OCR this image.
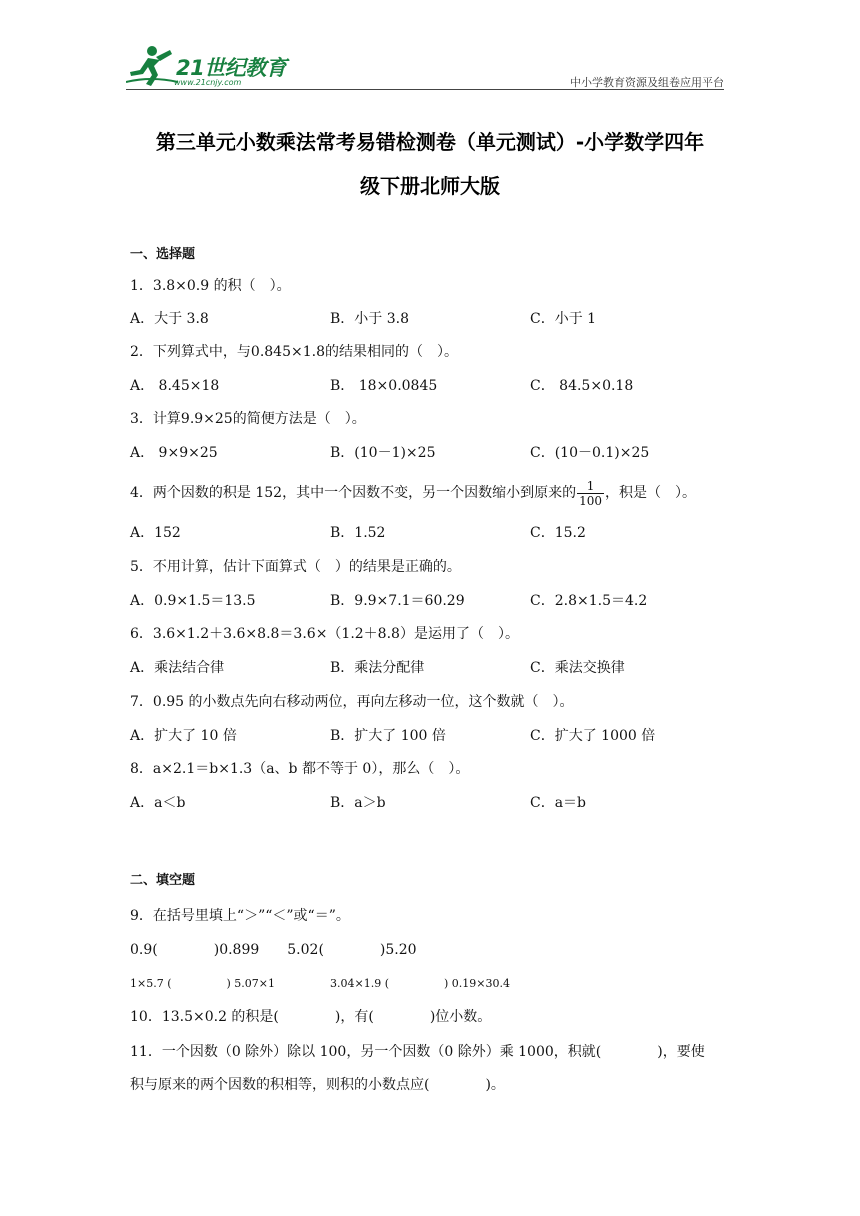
21世纪教育
www.21cnjy.com	中小学教育资源及组卷应用平台
第三单元小数乘法常考易错检测卷（单元测试）-小学数学四年
级下册北师大版
一、选择题
1．3.8×0.9 的积（　）。
A．大于 3.8	B．小于 3.8	C．小于 1
2．下列算式中，与0.845×1.8的结果相同的（　）。
A． 8.45×18	B． 18×0.0845	C． 84.5×0.18
3．计算9.9×25的简便方法是（　）。
A． 9×9×25	B．(10－1)×25	C．(10－0.1)×25
4．两个因数的积是 152，其中一个因数不变，另一个因数缩小到原来的 $\frac{1}{100}$ ，积是（　）。
A．152	B．1.52	C．15.2
5．不用计算，估计下面算式（　）的结果是正确的。
A．0.9×1.5＝13.5	B．9.9×7.1＝60.29	C．2.8×1.5＝4.2
6．3.6×1.2＋3.6×8.8＝3.6×（1.2＋8.8）是运用了（　）。
A．乘法结合律	B．乘法分配律	C．乘法交换律
7．0.95 的小数点先向右移动两位，再向左移动一位，这个数就（　）。
A．扩大了 10 倍	B．扩大了 100 倍	C．扩大了 1000 倍
8．a×2.1＝b×1.3（a、b 都不等于 0），那么（　）。
A．a＜b	B．a＞b	C．a＝b
二、填空题
9．在括号里填上“＞”“＜”或“＝”。
0.9(　　　　)0.899　　5.02(　　　　)5.20
1×5.7 (　　　　　) 5.07×1　　　　　3.04×1.9 (　　　　　) 0.19×30.4
10．13.5×0.2 的积是(　　　　)，有(　　　　)位小数。
11．一个因数（0 除外）除以 100，另一个因数（0 除外）乘 1000，积就(　　　　)，要使
积与原来的两个因数的积相等，则积的小数点应(　　　　)。
